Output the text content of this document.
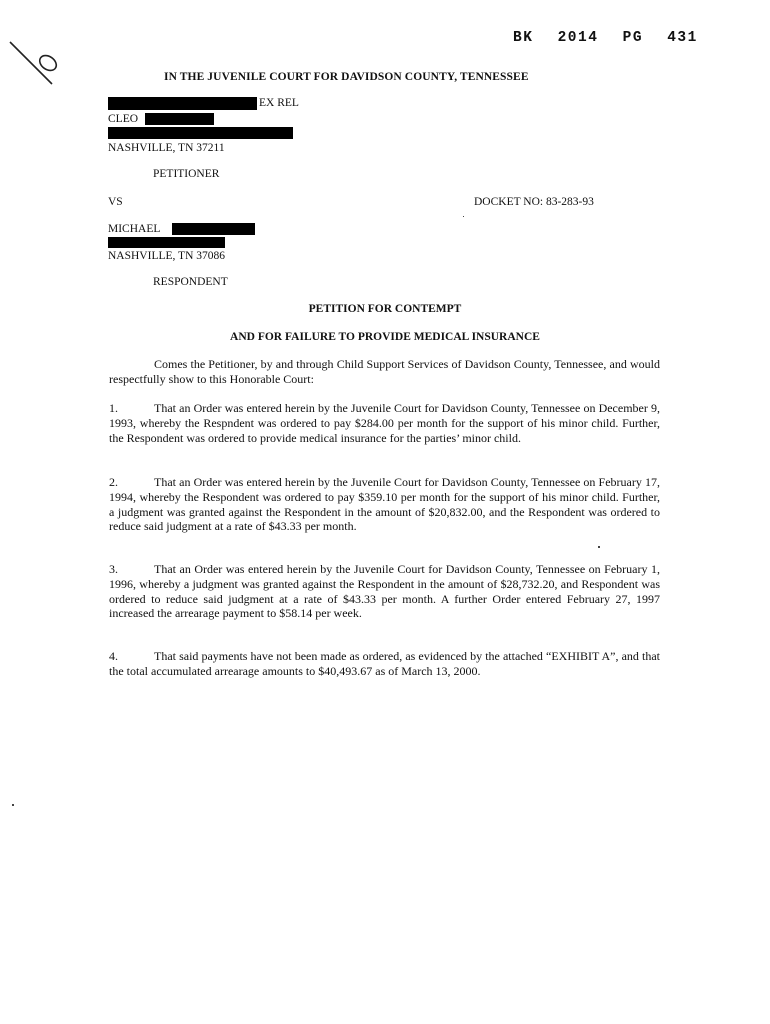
BK 2014 PG 431
IN THE JUVENILE COURT FOR DAVIDSON COUNTY, TENNESSEE
EX REL
CLEO
NASHVILLE, TN 37211
PETITIONER
VS	DOCKET NO: 83-283-93
MICHAEL
NASHVILLE, TN 37086
RESPONDENT
PETITION FOR CONTEMPT
AND FOR FAILURE TO PROVIDE MEDICAL INSURANCE

Comes the Petitioner, by and through Child Support Services of Davidson County, Tennessee, and would respectfully show to this Honorable Court:

1.	That an Order was entered herein by the Juvenile Court for Davidson County, Tennessee on December 9, 1993, whereby the Respndent was ordered to pay $284.00 per month for the support of his minor child. Further, the Respondent was ordered to provide medical insurance for the parties’ minor child.

2.	That an Order was entered herein by the Juvenile Court for Davidson County, Tennessee on February 17, 1994, whereby the Respondent was ordered to pay $359.10 per month for the support of his minor child. Further, a judgment was granted against the Respondent in the amount of $20,832.00, and the Respondent was ordered to reduce said judgment at a rate of $43.33 per month.

3.	That an Order was entered herein by the Juvenile Court for Davidson County, Tennessee on February 1, 1996, whereby a judgment was granted against the Respondent in the amount of $28,732.20, and Respondent was ordered to reduce said judgment at a rate of $43.33 per month. A further Order entered February 27, 1997 increased the arrearage payment to $58.14 per week.

4.	That said payments have not been made as ordered, as evidenced by the attached “EXHIBIT A”, and that the total accumulated arrearage amounts to $40,493.67 as of March 13, 2000.
